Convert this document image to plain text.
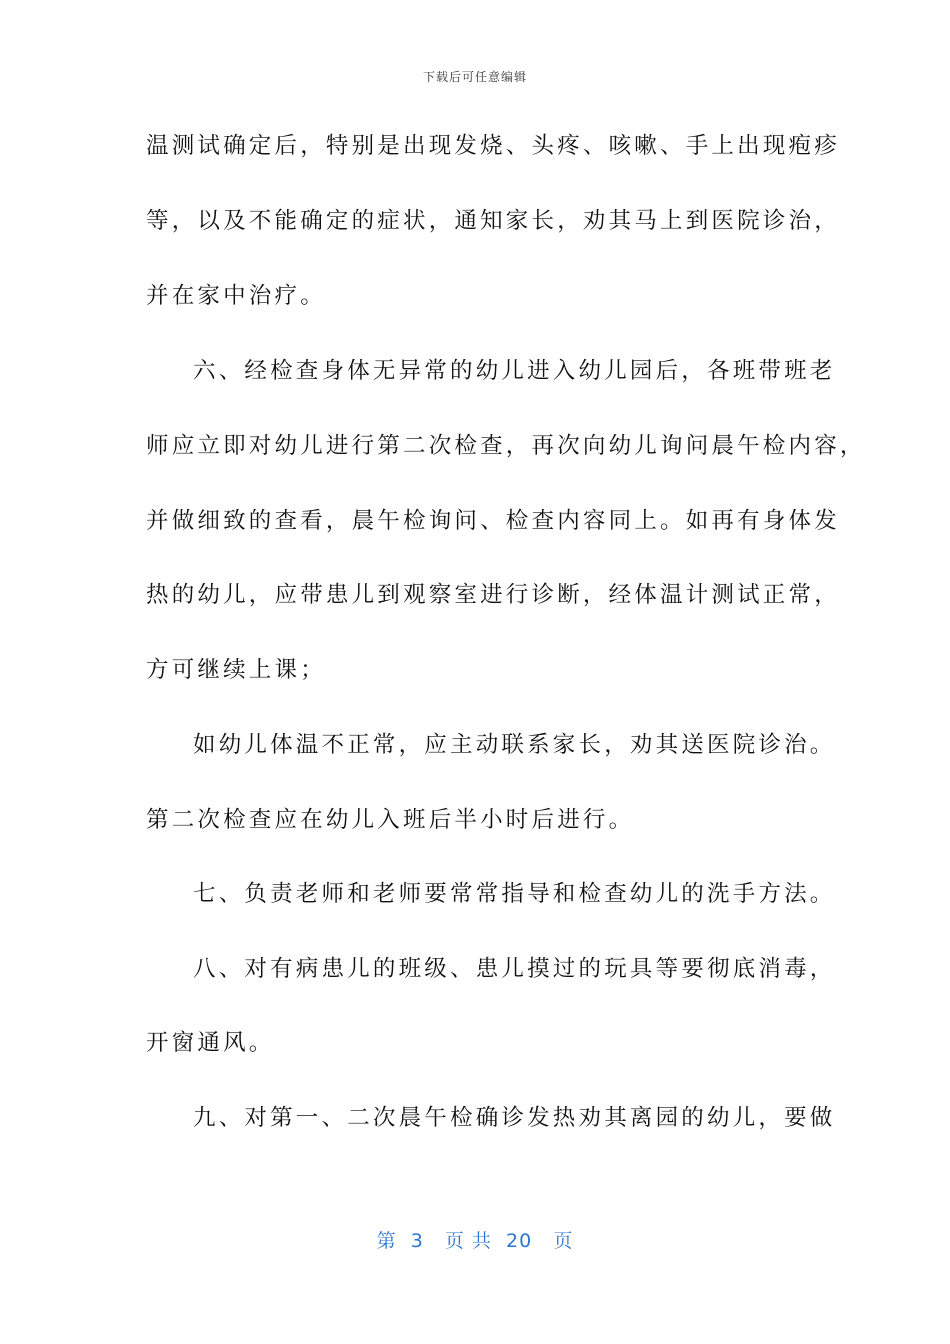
下载后可任意编辑
温测试确定后，特别是出现发烧、头疼、咳嗽、手上出现疱疹
等，以及不能确定的症状，通知家长，劝其马上到医院诊治，
并在家中治疗。
六、经检查身体无异常的幼儿进入幼儿园后，各班带班老
师应立即对幼儿进行第二次检查，再次向幼儿询问晨午检内容，
并做细致的查看，晨午检询问、检查内容同上。如再有身体发
热的幼儿，应带患儿到观察室进行诊断，经体温计测试正常，
方可继续上课；
如幼儿体温不正常，应主动联系家长，劝其送医院诊治。
第二次检查应在幼儿入班后半小时后进行。
七、负责老师和老师要常常指导和检查幼儿的洗手方法。
八、对有病患儿的班级、患儿摸过的玩具等要彻底消毒，
开窗通风。
九、对第一、二次晨午检确诊发热劝其离园的幼儿，要做
第  3   页 共  20   页
